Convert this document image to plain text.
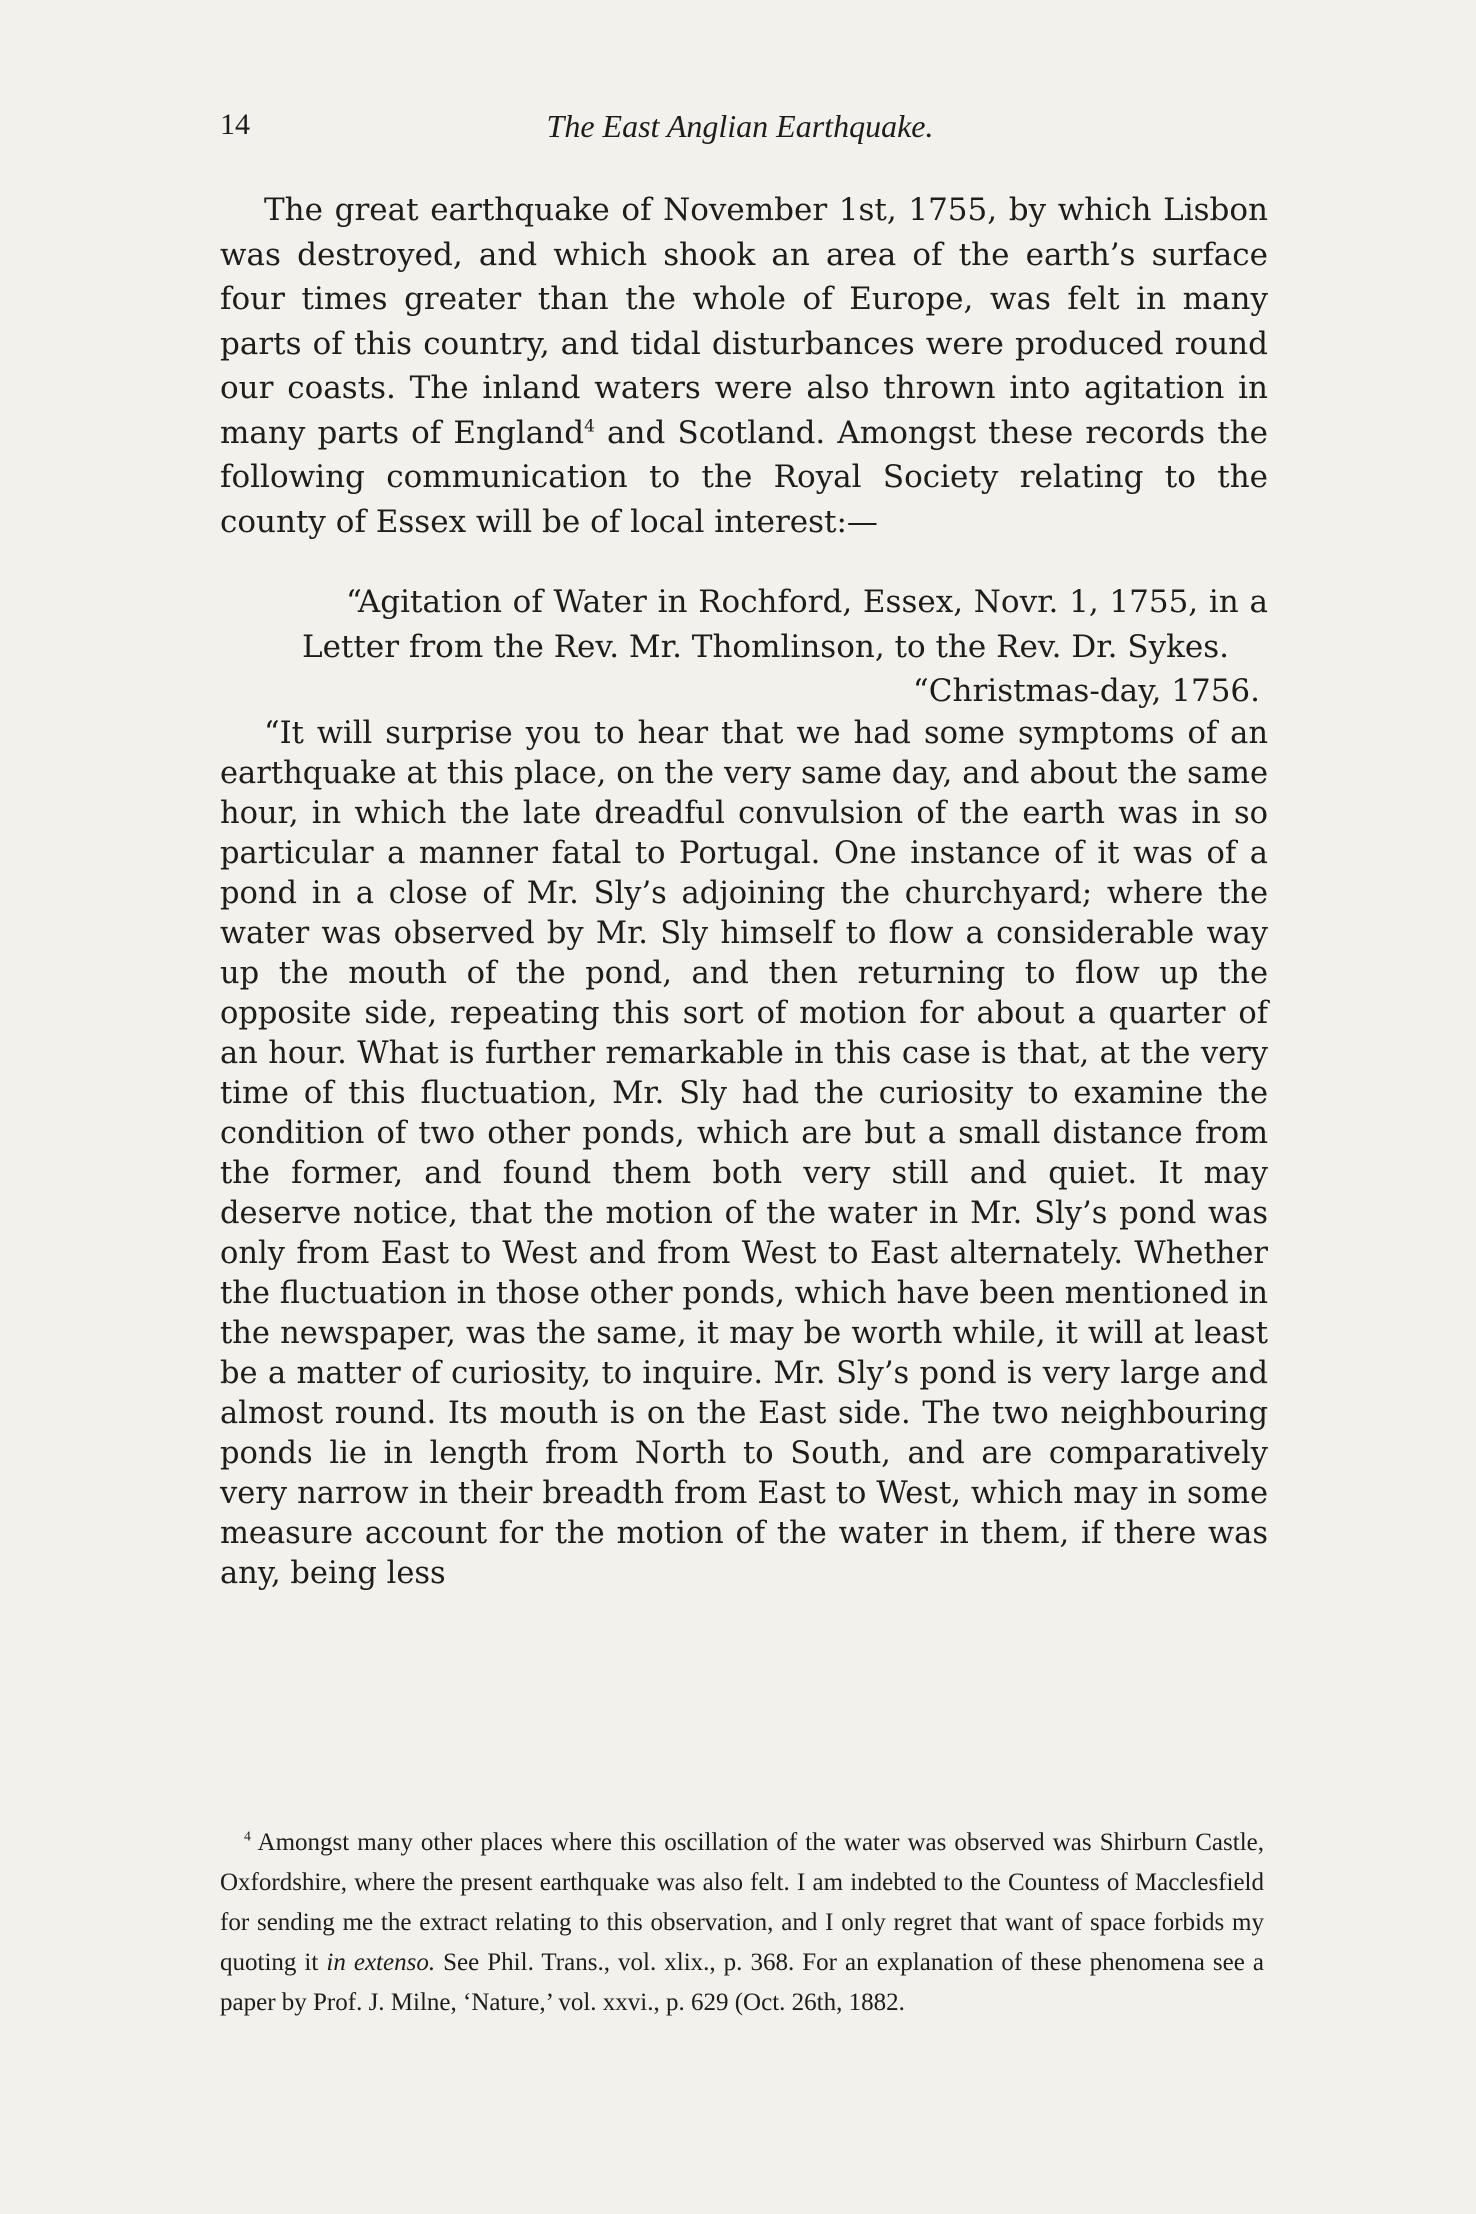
14	The East Anglian Earthquake.

The great earthquake of November 1st, 1755, by which Lisbon was destroyed, and which shook an area of the earth’s surface four times greater than the whole of Europe, was felt in many parts of this country, and tidal disturbances were produced round our coasts. The inland waters were also thrown into agitation in many parts of England$^4$ and Scotland. Amongst these records the following communication to the Royal Society relating to the county of Essex will be of local interest:—

“Agitation of Water in Rochford, Essex, Novr. 1, 1755, in a Letter from the Rev. Mr. Thomlinson, to the Rev. Dr. Sykes.

“Christmas-day, 1756.

“It will surprise you to hear that we had some symptoms of an earthquake at this place, on the very same day, and about the same hour, in which the late dreadful convulsion of the earth was in so particular a manner fatal to Portugal. One instance of it was of a pond in a close of Mr. Sly’s adjoining the churchyard; where the water was observed by Mr. Sly himself to flow a considerable way up the mouth of the pond, and then returning to flow up the opposite side, repeating this sort of motion for about a quarter of an hour. What is further remarkable in this case is that, at the very time of this fluctuation, Mr. Sly had the curiosity to examine the condition of two other ponds, which are but a small distance from the former, and found them both very still and quiet. It may deserve notice, that the motion of the water in Mr. Sly’s pond was only from East to West and from West to East alternately. Whether the fluctuation in those other ponds, which have been mentioned in the newspaper, was the same, it may be worth while, it will at least be a matter of curiosity, to inquire. Mr. Sly’s pond is very large and almost round. Its mouth is on the East side. The two neighbouring ponds lie in length from North to South, and are comparatively very narrow in their breadth from East to West, which may in some measure account for the motion of the water in them, if there was any, being less

$^4$ Amongst many other places where this oscillation of the water was observed was Shirburn Castle, Oxfordshire, where the present earthquake was also felt. I am indebted to the Countess of Macclesfield for sending me the extract relating to this observation, and I only regret that want of space forbids my quoting it in extenso. See Phil. Trans., vol. xlix., p. 368. For an explanation of these phenomena see a paper by Prof. J. Milne, ‘Nature,’ vol. xxvi., p. 629 (Oct. 26th, 1882.
